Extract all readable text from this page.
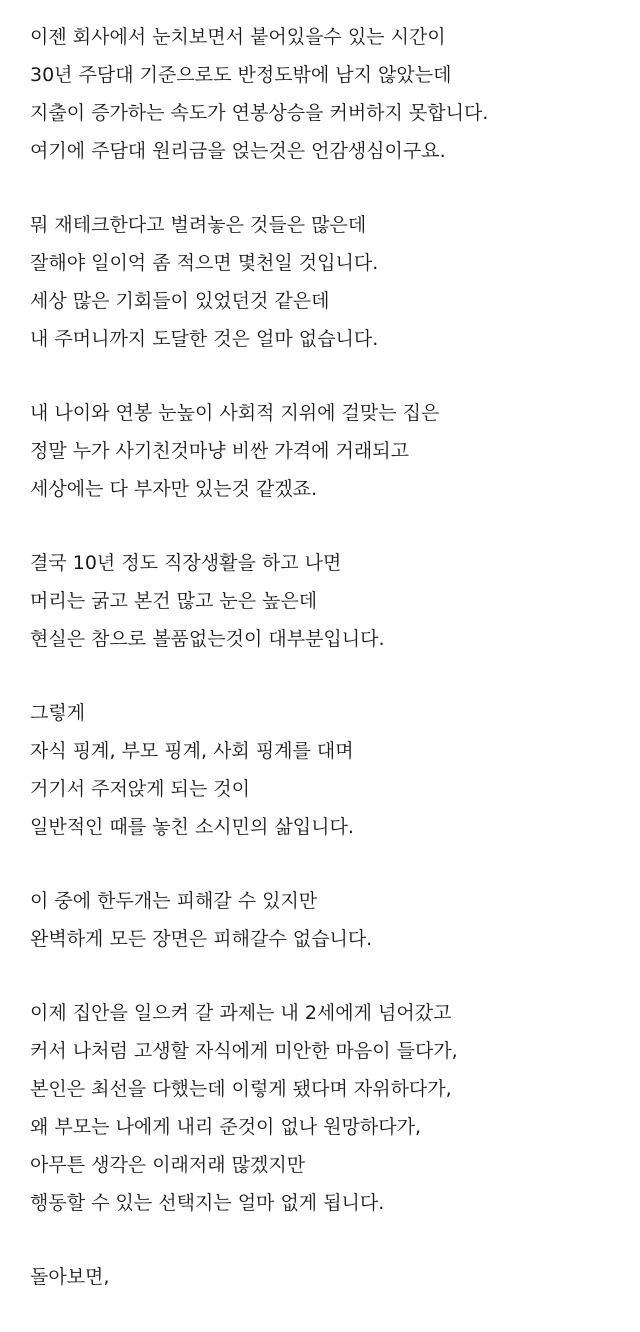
이젠 회사에서 눈치보면서 붙어있을수 있는 시간이
30년 주담대 기준으로도 반정도밖에 남지 않았는데
지출이 증가하는 속도가 연봉상승을 커버하지 못합니다.
여기에 주담대 원리금을 얹는것은 언감생심이구요.
뭐 재테크한다고 벌려놓은 것들은 많은데
잘해야 일이억 좀 적으면 몇천일 것입니다.
세상 많은 기회들이 있었던것 같은데
내 주머니까지 도달한 것은 얼마 없습니다.
내 나이와 연봉 눈높이 사회적 지위에 걸맞는 집은
정말 누가 사기친것마냥 비싼 가격에 거래되고
세상에는 다 부자만 있는것 같겠죠.
결국 10년 정도 직장생활을 하고 나면
머리는 굵고 본건 많고 눈은 높은데
현실은 참으로 볼품없는것이 대부분입니다.
그렇게
자식 핑계, 부모 핑계, 사회 핑계를 대며
거기서 주저앉게 되는 것이
일반적인 때를 놓친 소시민의 삶입니다.
이 중에 한두개는 피해갈 수 있지만
완벽하게 모든 장면은 피해갈수 없습니다.
이제 집안을 일으켜 갈 과제는 내 2세에게 넘어갔고
커서 나처럼 고생할 자식에게 미안한 마음이 들다가,
본인은 최선을 다했는데 이렇게 됐다며 자위하다가,
왜 부모는 나에게 내리 준것이 없나 원망하다가,
아무튼 생각은 이래저래 많겠지만
행동할 수 있는 선택지는 얼마 없게 됩니다.
돌아보면,
